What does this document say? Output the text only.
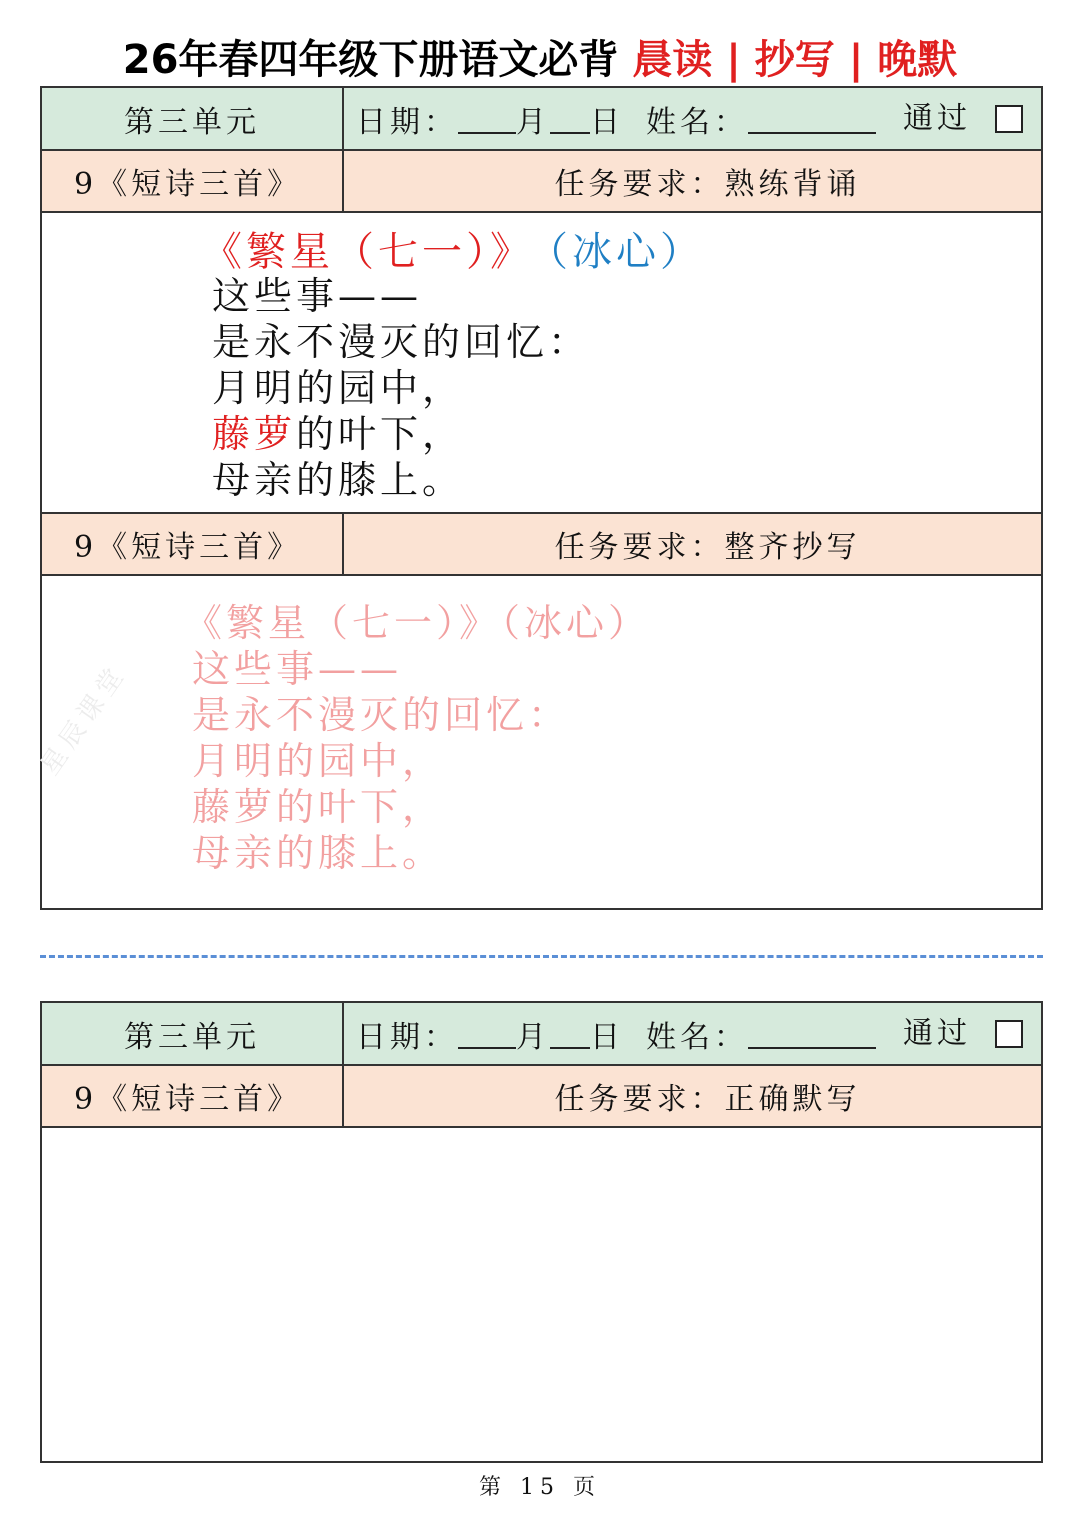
26年春四年级下册语文必背 晨读 | 抄写 | 晚默
第三单元	日期： 月 日 姓名：	通过
9《短诗三首》	任务要求：熟练背诵
《繁星（七一）》 （冰心）
这些事——
是永不漫灭的回忆：
月明的园中，
藤萝的叶下，
母亲的膝上。
9《短诗三首》	任务要求：整齐抄写
《繁星（七一）》（冰心）
这些事——
是永不漫灭的回忆：
月明的园中，
藤萝的叶下，
母亲的膝上。
星辰课堂
第三单元	日期： 月 日 姓名：	通过
9《短诗三首》	任务要求：正确默写
第 15 页
